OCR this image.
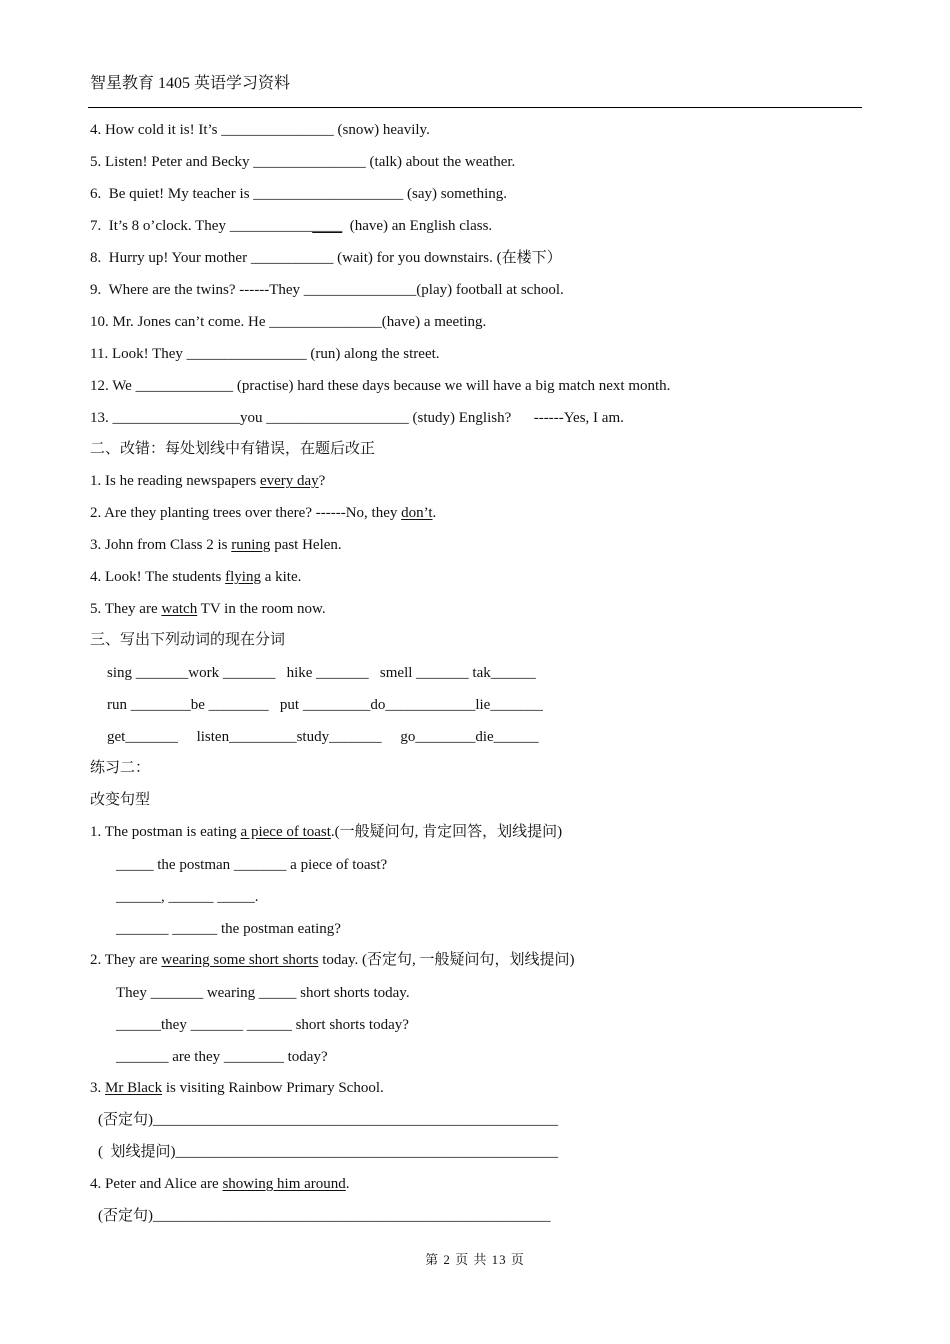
智星教育 1405 英语学习资料
4. How cold it is! It’s _______________ (snow) heavily.
5. Listen! Peter and Becky _______________ (talk) about the weather.
6.  Be quiet! My teacher is ____________________ (say) something.
7.  It’s 8 o’clock. They _______________  (have) an English class.
8.  Hurry up! Your mother ___________ (wait) for you downstairs. (在楼下）
9.  Where are the twins? ------They _______________(play) football at school.
10. Mr. Jones can’t come. He _______________(have) a meeting.
11. Look! They ________________ (run) along the street.
12. We _____________ (practise) hard these days because we will have a big match next month.
13. _________________you ___________________ (study) English?      ------Yes, I am.
二、改错：每处划线中有错误，在题后改正
1. Is he reading newspapers every day?
2. Are they planting trees over there? ------No, they don’t.
3. John from Class 2 is runing past Helen.
4. Look! The students flying a kite.
5. They are watch TV in the room now.
三、写出下列动词的现在分词
sing _______work _______   hike _______   smell _______ tak______
run ________be ________   put _________do____________lie_______
get_______     listen_________study_______     go________die______
练习二：
改变句型
1. The postman is eating a piece of toast.(一般疑问句, 肯定回答，划线提问)
_____ the postman _______ a piece of toast?
______, ______ _____.
_______ ______ the postman eating?
2. They are wearing some short shorts today. (否定句, 一般疑问句，划线提问)
They _______ wearing _____ short shorts today.
______they _______ ______ short shorts today?
_______ are they ________ today?
3. Mr Black is visiting Rainbow Primary School.
(否定句)______________________________________________________
(  划线提问)___________________________________________________
4. Peter and Alice are showing him around.
(否定句)_____________________________________________________
第 2 页 共 13 页
